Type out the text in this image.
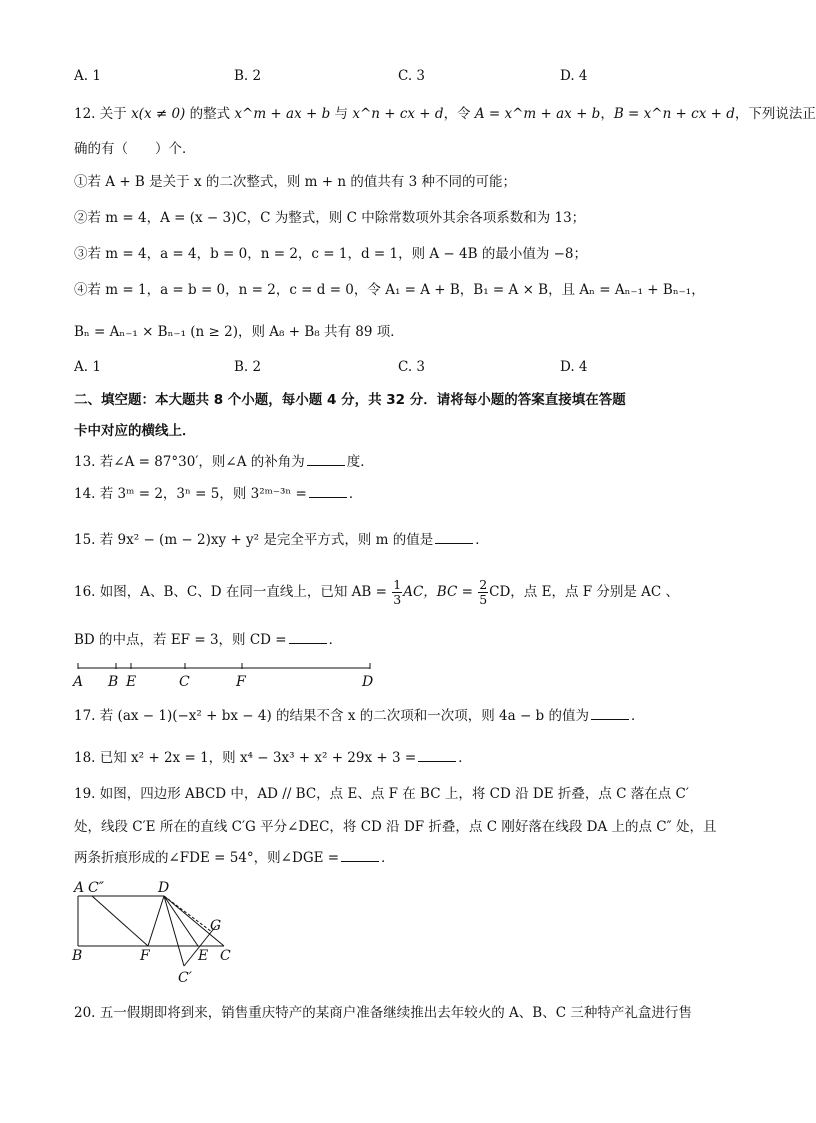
A. 1	B. 2	C. 3	D. 4
12. 关于 x(x ≠ 0) 的整式 x^m + ax + b 与 x^n + cx + d，令 A = x^m + ax + b，B = x^n + cx + d，下列说法正
确的有（　　）个．
①若 A + B 是关于 x 的二次整式，则 m + n 的值共有 3 种不同的可能；
②若 m = 4，A = (x − 3)C，C 为整式，则 C 中除常数项外其余各项系数和为 13；
③若 m = 4，a = 4，b = 0，n = 2，c = 1，d = 1，则 A − 4B 的最小值为 −8；
④若 m = 1，a = b = 0，n = 2，c = d = 0，令 A₁ = A + B，B₁ = A × B，且 Aₙ = Aₙ₋₁ + Bₙ₋₁，
Bₙ = Aₙ₋₁ × Bₙ₋₁ (n ≥ 2)，则 A₈ + B₈ 共有 89 项．
A. 1	B. 2	C. 3	D. 4
二、填空题：本大题共 8 个小题，每小题 4 分，共 32 分．请将每小题的答案直接填在答题
卡中对应的横线上．
13. 若∠A = 87°30′，则∠A 的补角为	度．
14. 若 3ᵐ = 2，3ⁿ = 5，则 3²ᵐ⁻³ⁿ =	．
15. 若 9x² − (m − 2)xy + y² 是完全平方式，则 m 的值是	．
16. 如图，A、B、C、D 在同一直线上，已知 AB = $\frac{1}{3}$ AC，BC = $\frac{2}{5}$ CD，点 E，点 F 分别是 AC 、
BD 的中点，若 EF = 3，则 CD =	．
A B E	C	F	D
17. 若 (ax − 1)(−x² + bx − 4) 的结果不含 x 的二次项和一次项，则 4a − b 的值为	．
18. 已知 x² + 2x = 1，则 x⁴ − 3x³ + x² + 29x + 3 =	．
19. 如图，四边形 ABCD 中，AD // BC，点 E、点 F 在 BC 上，将 CD 沿 DE 折叠，点 C 落在点 C′
处，线段 C′E 所在的直线 C′G 平分∠DEC，将 CD 沿 DF 折叠，点 C 刚好落在线段 DA 上的点 C″ 处，且
两条折痕形成的∠FDE = 54°，则∠DGE =	．
A C″	D
G
B	F	E C
C′
20. 五一假期即将到来，销售重庆特产的某商户准备继续推出去年较火的 A、B、C 三种特产礼盒进行售
